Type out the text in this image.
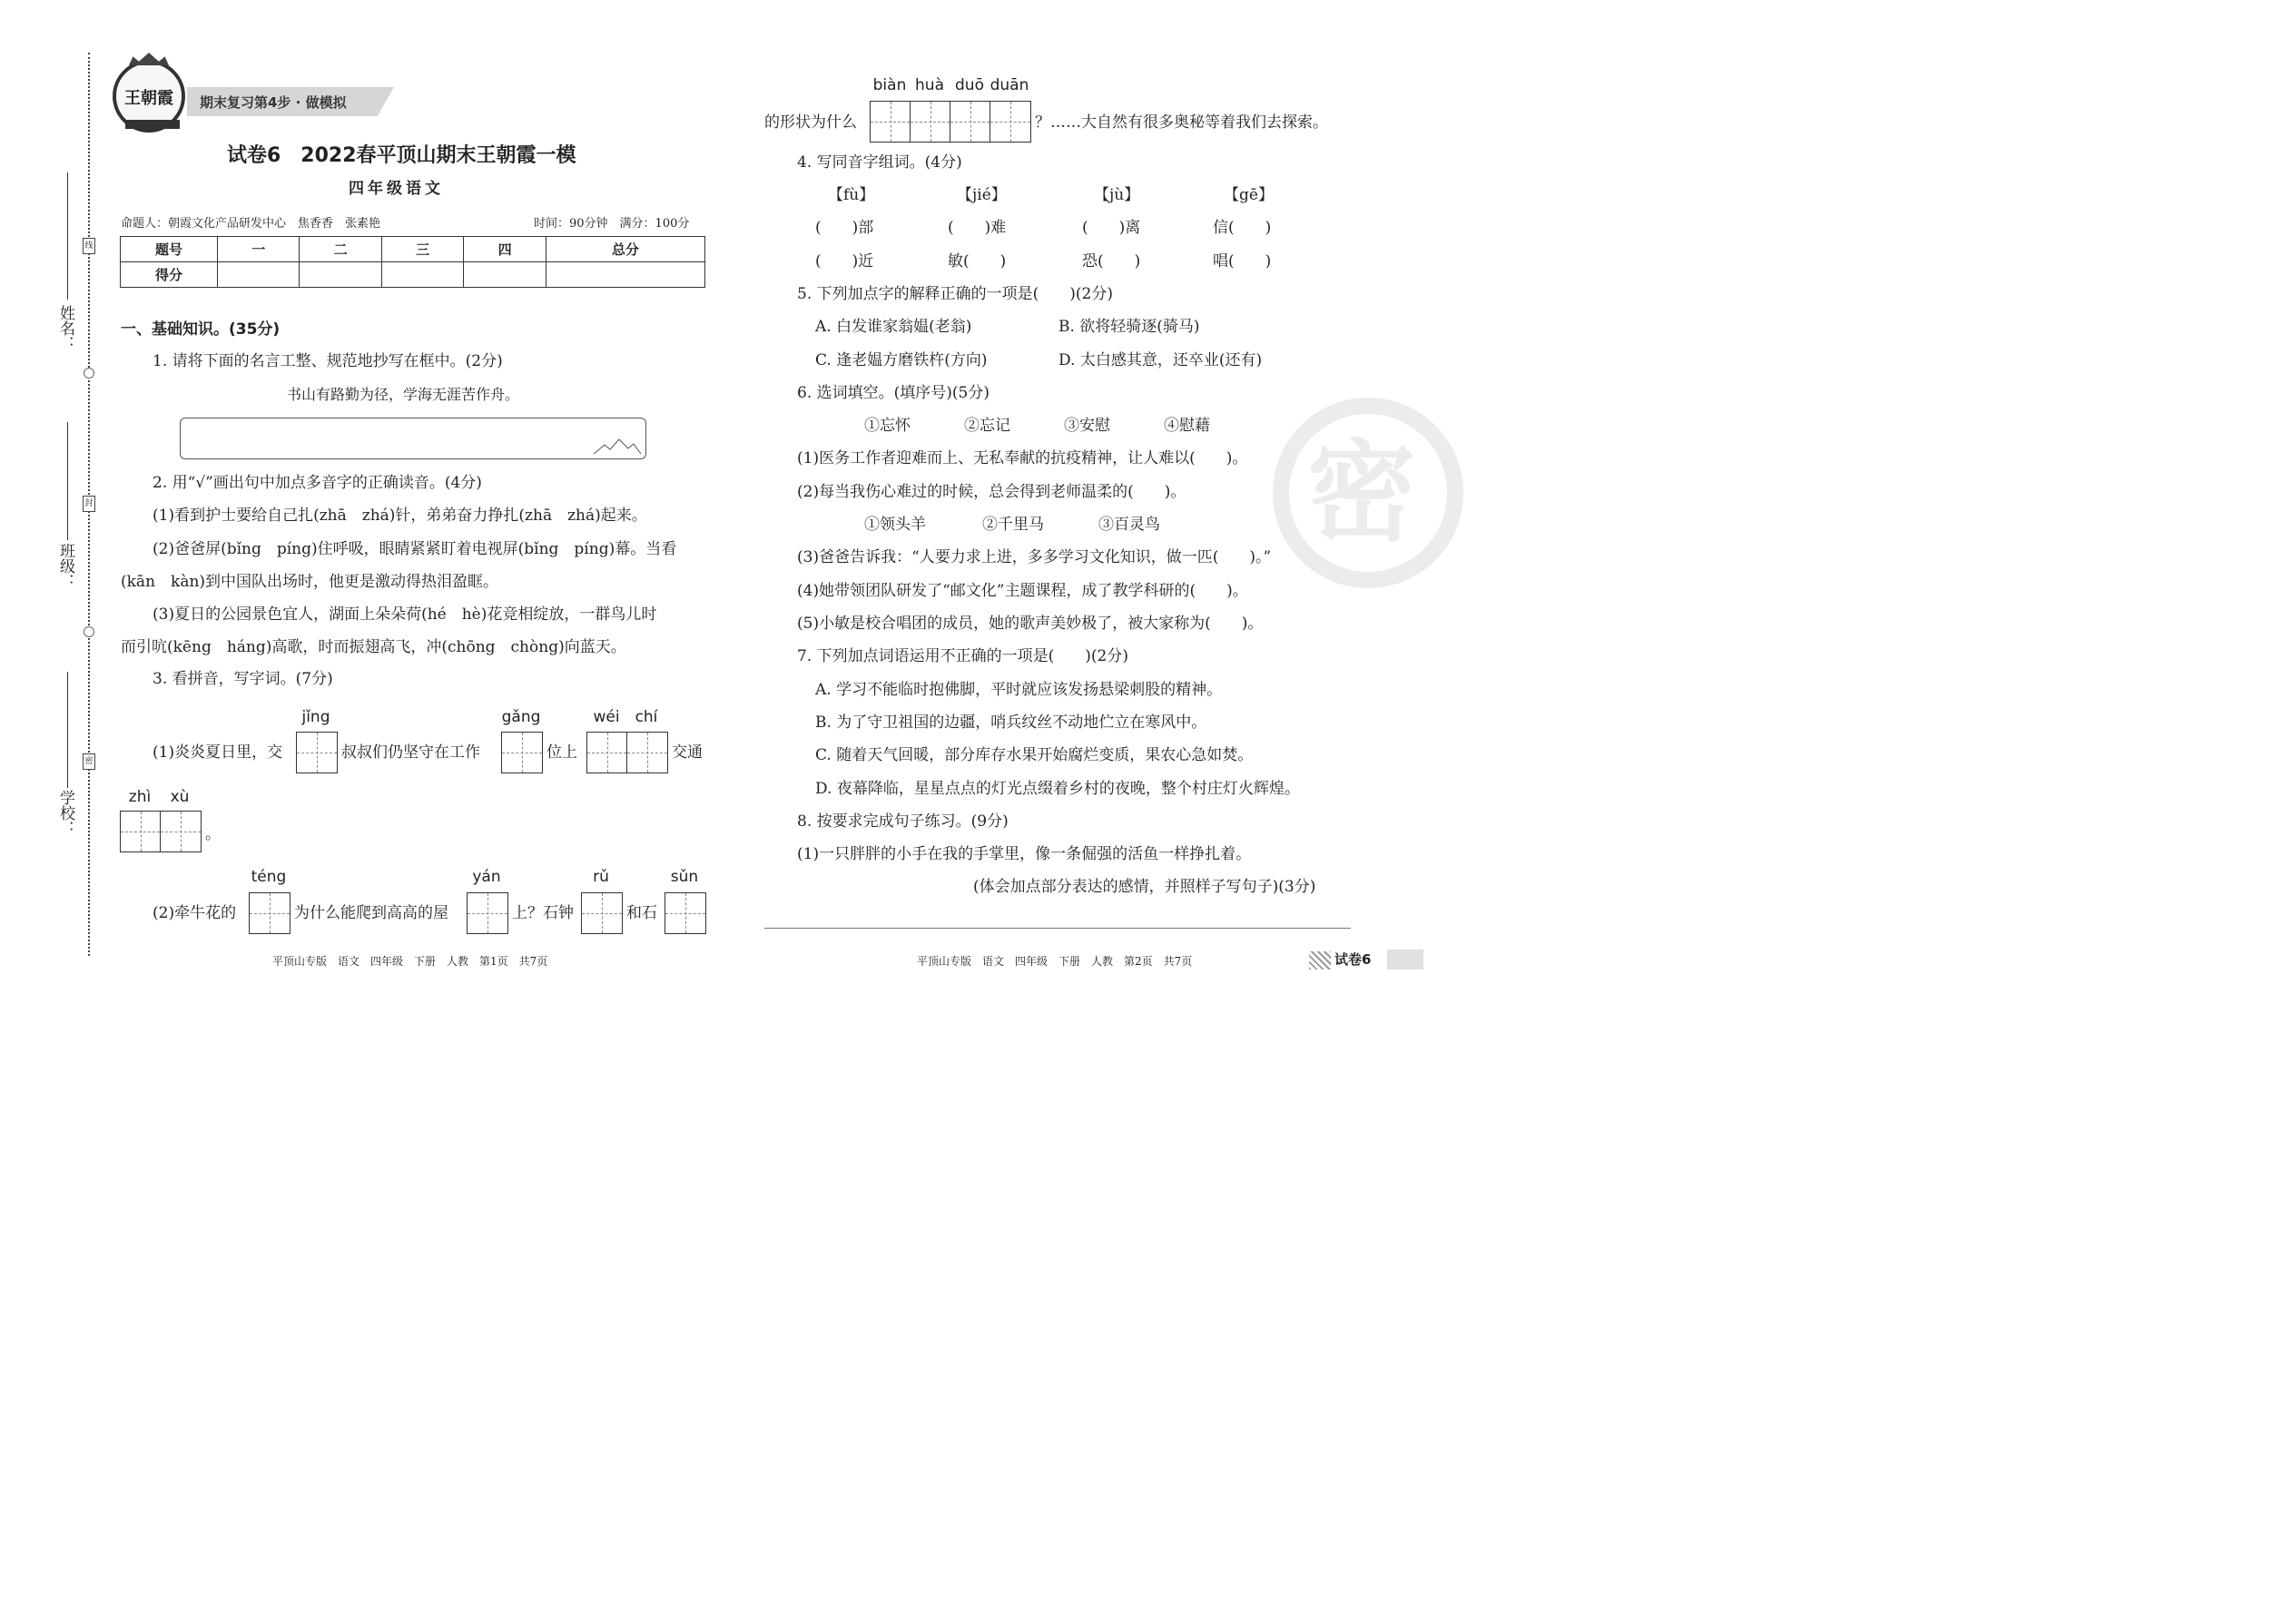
线
封
密
姓名：
班级：
学校：
王朝霞	期末复习第4步 · 做模拟
试卷6　2022春平顶山期末王朝霞一模
四年级语文
命题人：朝霞文化产品研发中心　焦香香　张素艳	时间：90分钟　满分：100分
题号	一	二	三	四	总分
得分					
一、基础知识。(35分)
1. 请将下面的名言工整、规范地抄写在框中。(2分)
书山有路勤为径，学海无涯苦作舟。
2. 用“√”画出句中加点多音字的正确读音。(4分)
(1)看到护士要给自己扎(zhā　zhá)针，弟弟奋力挣扎(zhā　zhá)起来。
(2)爸爸屏(bǐng　píng)住呼吸，眼睛紧紧盯着电视屏(bǐng　píng)幕。当看
(kān　kàn)到中国队出场时，他更是激动得热泪盈眶。
(3)夏日的公园景色宜人，湖面上朵朵荷(hé　hè)花竞相绽放，一群鸟儿时
而引吭(kēng　háng)高歌，时而振翅高飞，冲(chōng　chòng)向蓝天。
3. 看拼音，写字词。(7分)
jǐng	gǎng	wéi	chí
(1)炎炎夏日里，交	叔叔们仍坚守在工作	位上	交通
zhì	xù
。
téng	yán	rǔ	sǔn
(2)牵牛花的	为什么能爬到高高的屋	上？石钟	和石
平顶山专版　语文　四年级　下册　人教　第1页　共7页
密
biàn huà duō duān
的形状为什么	？……大自然有很多奥秘等着我们去探索。
4. 写同音字组词。(4分)
【fù】	【jié】	【jù】	【gē】
(　　)部	(　　)难	(　　)离	信(　　)
(　　)近	敏(　　)	恐(　　)	唱(　　)
5. 下列加点字的解释正确的一项是(　　)(2分)
A. 白发谁家翁媪(老翁)	B. 欲将轻骑逐(骑马)
C. 逢老媪方磨铁杵(方向)	D. 太白感其意，还卒业(还有)
6. 选词填空。(填序号)(5分)
①忘怀	②忘记	③安慰	④慰藉
(1)医务工作者迎难而上、无私奉献的抗疫精神，让人难以(　　)。
(2)每当我伤心难过的时候，总会得到老师温柔的(　　)。
①领头羊	②千里马	③百灵鸟
(3)爸爸告诉我：“人要力求上进，多多学习文化知识，做一匹(　　)。”
(4)她带领团队研发了“邮文化”主题课程，成了教学科研的(　　)。
(5)小敏是校合唱团的成员，她的歌声美妙极了，被大家称为(　　)。
7. 下列加点词语运用不正确的一项是(　　)(2分)
A. 学习不能临时抱佛脚，平时就应该发扬悬梁刺股的精神。
B. 为了守卫祖国的边疆，哨兵纹丝不动地伫立在寒风中。
C. 随着天气回暖，部分库存水果开始腐烂变质，果农心急如焚。
D. 夜幕降临，星星点点的灯光点缀着乡村的夜晚，整个村庄灯火辉煌。
8. 按要求完成句子练习。(9分)
(1)一只胖胖的小手在我的手掌里，像一条倔强的活鱼一样挣扎着。
(体会加点部分表达的感情，并照样子写句子)(3分)
平顶山专版　语文　四年级　下册　人教　第2页　共7页	试卷6
